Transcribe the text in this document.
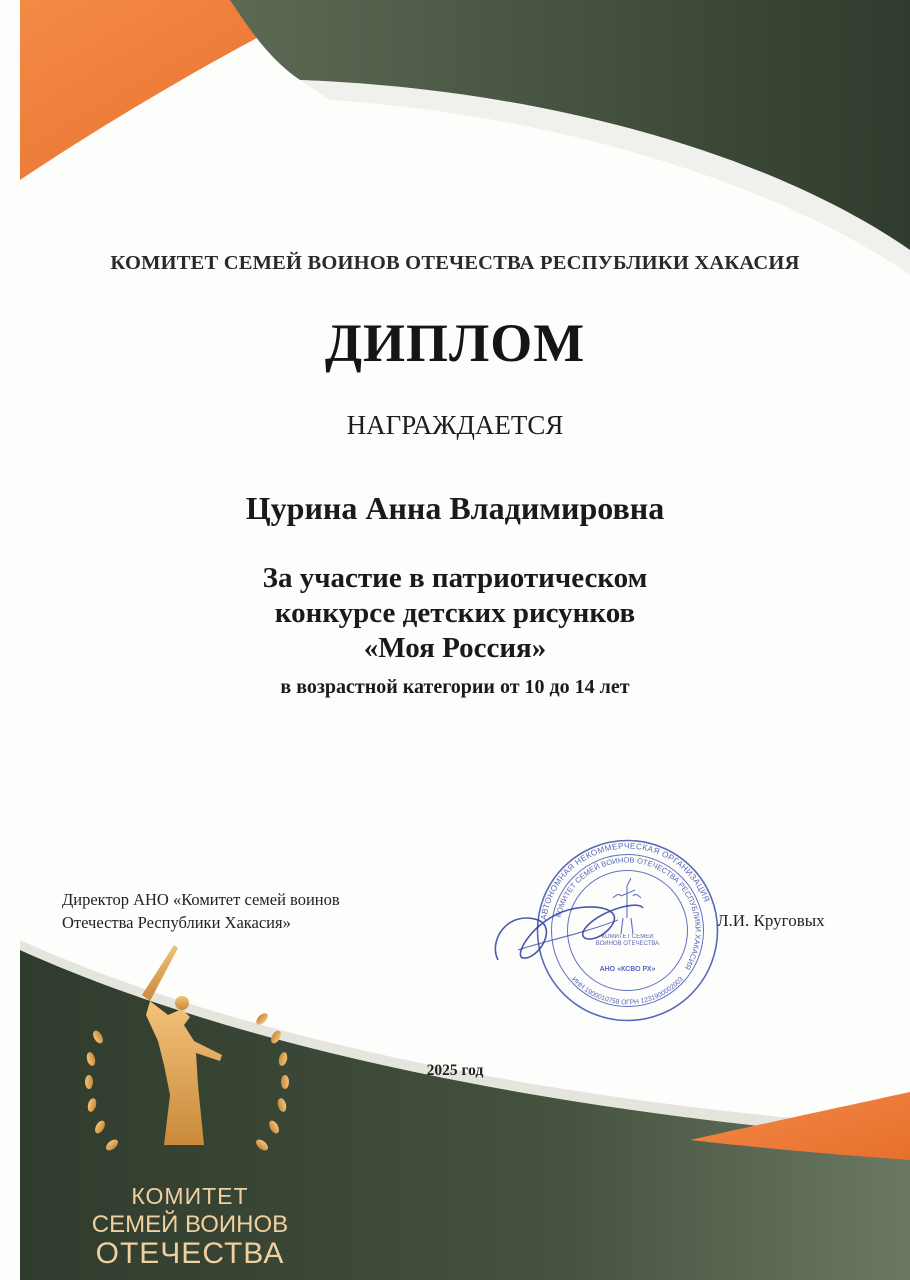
КОМИТЕТ СЕМЕЙ ВОИНОВ ОТЕЧЕСТВА РЕСПУБЛИКИ ХАКАСИЯ

ДИПЛОМ

НАГРАЖДАЕТСЯ

Цурина Анна Владимировна

За участие в патриотическом
конкурсе детских рисунков
«Моя Россия»

в возрастной категории от 10 до 14 лет

Директор АНО «Комитет семей воинов
Отечества Республики Хакасия»	Л.И. Круговых
АВТОНОМНАЯ НЕКОММЕРЧЕСКАЯ ОРГАНИЗАЦИЯ
КОМИТЕТ СЕМЕЙ ВОИНОВ ОТЕЧЕСТВА РЕСПУБЛИКИ ХАКАСИЯ
ИНН 1900010758 ОГРН 1231900002003
КОМИТЕТ СЕМЕЙ ВОИНОВ ОТЕЧЕСТВА
АНО «КСВО РХ»

2025 год

КОМИТЕТ

СЕМЕЙ ВОИНОВ

ОТЕЧЕСТВА
